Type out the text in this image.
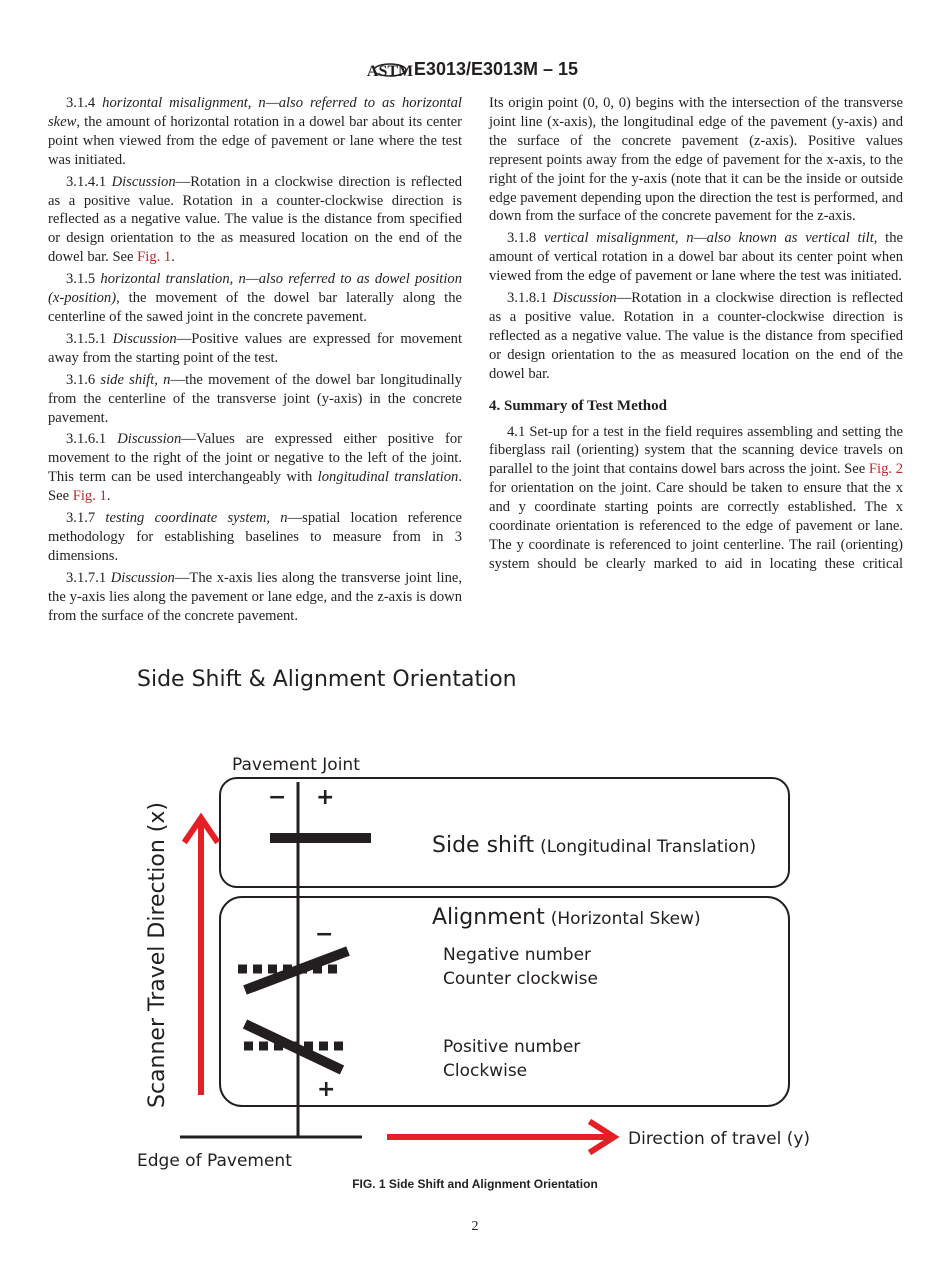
ASTM E3013/E3013M – 15

3.1.4 horizontal misalignment, n—also referred to as horizontal skew, the amount of horizontal rotation in a dowel bar about its center point when viewed from the edge of pavement or lane where the test was initiated.

3.1.4.1 Discussion—Rotation in a clockwise direction is reflected as a positive value. Rotation in a counter-clockwise direction is reflected as a negative value. The value is the distance from specified or design orientation to the as measured location on the end of the dowel bar. See Fig. 1.

3.1.5 horizontal translation, n—also referred to as dowel position (x-position), the movement of the dowel bar laterally along the centerline of the sawed joint in the concrete pavement.

3.1.5.1 Discussion—Positive values are expressed for movement away from the starting point of the test.

3.1.6 side shift, n—the movement of the dowel bar longitudinally from the centerline of the transverse joint (y-axis) in the concrete pavement.

3.1.6.1 Discussion—Values are expressed either positive for movement to the right of the joint or negative to the left of the joint. This term can be used interchangeably with longitudinal translation. See Fig. 1.

3.1.7 testing coordinate system, n—spatial location reference methodology for establishing baselines to measure from in 3 dimensions.

3.1.7.1 Discussion—The x-axis lies along the transverse joint line, the y-axis lies along the pavement or lane edge, and the z-axis is down from the surface of the concrete pavement.

Its origin point (0, 0, 0) begins with the intersection of the transverse joint line (x-axis), the longitudinal edge of the pavement (y-axis) and the surface of the concrete pavement (z-axis). Positive values represent points away from the edge of pavement for the x-axis, to the right of the joint for the y-axis (note that it can be the inside or outside edge pavement depending upon the direction the test is performed, and down from the surface of the concrete pavement for the z-axis.

3.1.8 vertical misalignment, n—also known as vertical tilt, the amount of vertical rotation in a dowel bar about its center point when viewed from the edge of pavement or lane where the test was initiated.

3.1.8.1 Discussion—Rotation in a clockwise direction is reflected as a positive value. Rotation in a counter-clockwise direction is reflected as a negative value. The value is the distance from specified or design orientation to the as measured location on the end of the dowel bar.

4. Summary of Test Method

4.1 Set-up for a test in the field requires assembling and setting the fiberglass rail (orienting) system that the scanning device travels on parallel to the joint that contains dowel bars across the joint. See Fig. 2 for orientation on the joint. Care should be taken to ensure that the x and y coordinate starting points are correctly established. The x coordinate orientation is referenced to the edge of pavement or lane. The y coordinate is referenced to joint centerline. The rail (orienting) system should be clearly marked to aid in locating these critical

Side Shift & Alignment Orientation
Pavement Joint
− +
Side shift (Longitudinal Translation)
Alignment (Horizontal Skew)
−
+
Negative number
Counter clockwise
Positive number
Clockwise
Scanner Travel Direction (x)
Direction of travel (y)
Edge of Pavement
FIG. 1 Side Shift and Alignment Orientation
2
